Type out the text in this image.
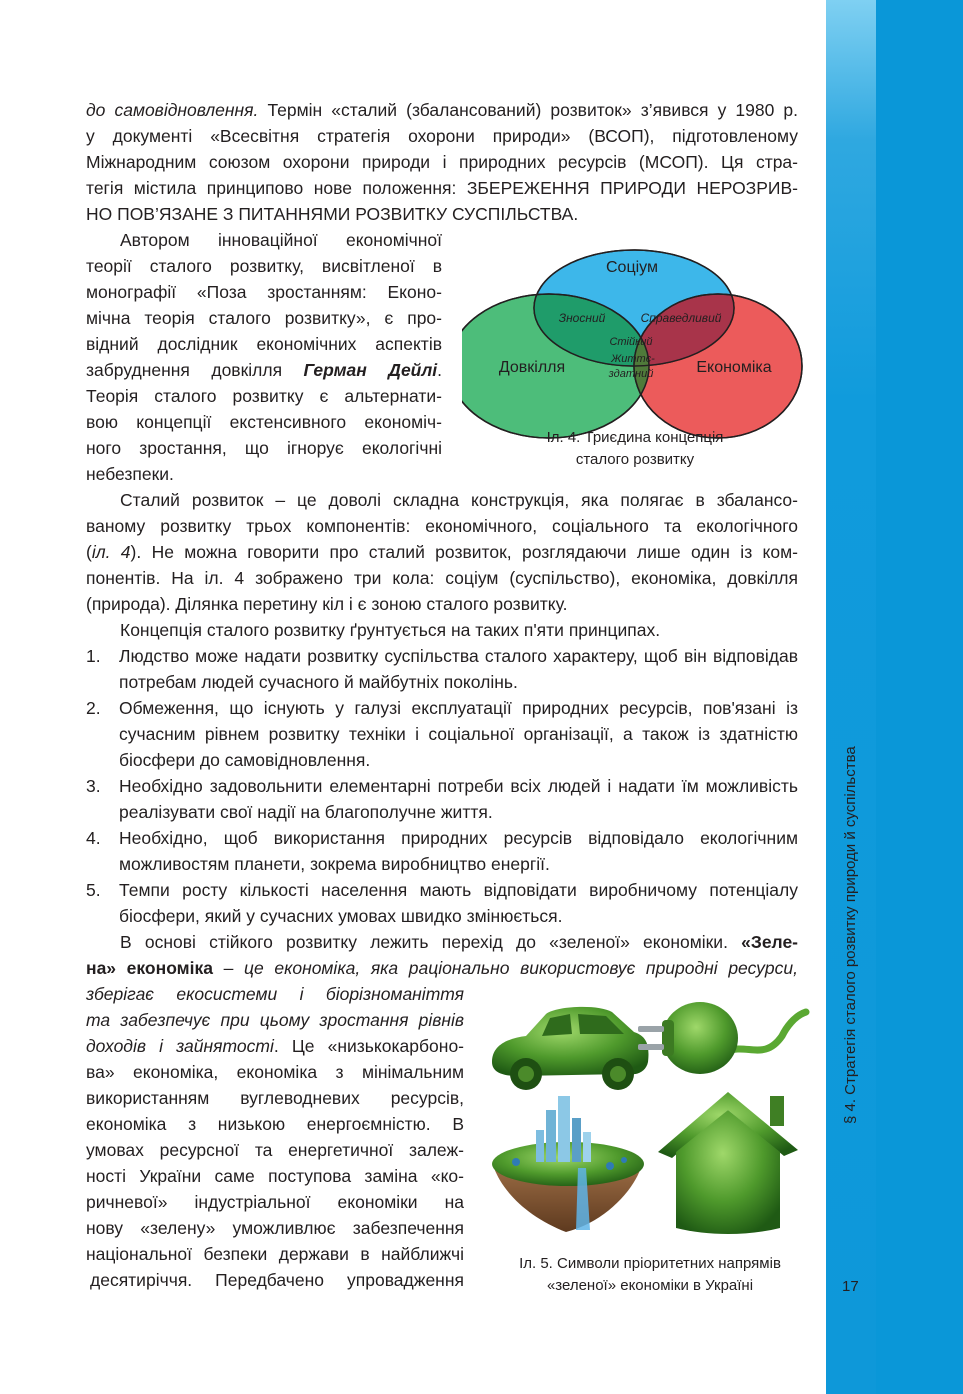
§ 4. Стратегія сталого розвитку природи й суспільства
17
до самовідновлення. Термін «сталий (збалансований) розвиток» з’явився у 1980 р.
у документі «Всесвітня стратегія охорони природи» (ВСОП), підготовленому
Міжнародним союзом охорони природи і природних ресурсів (МСОП). Ця стра-
тегія містила принципово нове положення: ЗБЕРЕЖЕННЯ ПРИРОДИ НЕРОЗРИВ-
НО ПОВ’ЯЗАНЕ З ПИТАННЯМИ РОЗВИТКУ СУСПІЛЬСТВА.
Автором інноваційної економічної
теорії сталого розвитку, висвітленої в
монографії «Поза зростанням: Еконо-
мічна теорія сталого розвитку», є про-
відний дослідник економічних аспектів
забруднення довкілля Герман Дейлі.
Теорія сталого розвитку є альтернати-
вою концепції екстенсивного економіч-
ного зростання, що ігнорує екологічні
небезпеки.
Соціум
Довкілля	Економіка
Зносний	Справедливий
Стійкий
Життє-
здатний
Іл. 4. Триєдина концепція
сталого розвитку
Сталий розвиток – це доволі складна конструкція, яка полягає в збалансо-
ваному розвитку трьох компонентів: економічного, соціального та екологічного
(іл. 4). Не можна говорити про сталий розвиток, розглядаючи лише один із ком-
понентів. На іл. 4 зображено три кола: соціум (суспільство), економіка, довкілля
(природа). Ділянка перетину кіл і є зоною сталого розвитку.
Концепція сталого розвитку ґрунтується на таких п'яти принципах.
1. Людство може надати розвитку суспільства сталого характеру, щоб він відповідав потребам людей сучасного й майбутніх поколінь.
2. Обмеження, що існують у галузі експлуатації природних ресурсів, пов'язані із сучасним рівнем розвитку техніки і соціальної організації, а також із здатністю біосфери до самовідновлення.
3. Необхідно задовольнити елементарні потреби всіх людей і надати їм можливість реалізувати свої надії на благополучне життя.
4. Необхідно, щоб використання природних ресурсів відповідало екологічним можливостям планети, зокрема виробництво енергії.
5. Темпи росту кількості населення мають відповідати виробничому потенціалу біосфери, який у сучасних умовах швидко змінюється.
В основі стійкого розвитку лежить перехід до «зеленої» економіки. «Зеле-
на» економіка – це економіка, яка раціонально використовує природні ресурси,
зберігає екосистеми і біорізноманіття
та забезпечує при цьому зростання рівнів
доходів і зайнятості. Це «низькокарбоно-
ва» економіка, економіка з мінімальним
використанням вуглеводневих ресурсів,
економіка з низькою енергоємністю. В
умовах ресурсної та енергетичної залеж-
ності України саме поступова заміна «ко-
ричневої» індустріальної економіки на
нову «зелену» уможливлює забезпечення
національної безпеки держави в найближчі
десятиріччя. Передбачено упровадження
Іл. 5. Символи пріоритетних напрямів
«зеленої» економіки в Україні
